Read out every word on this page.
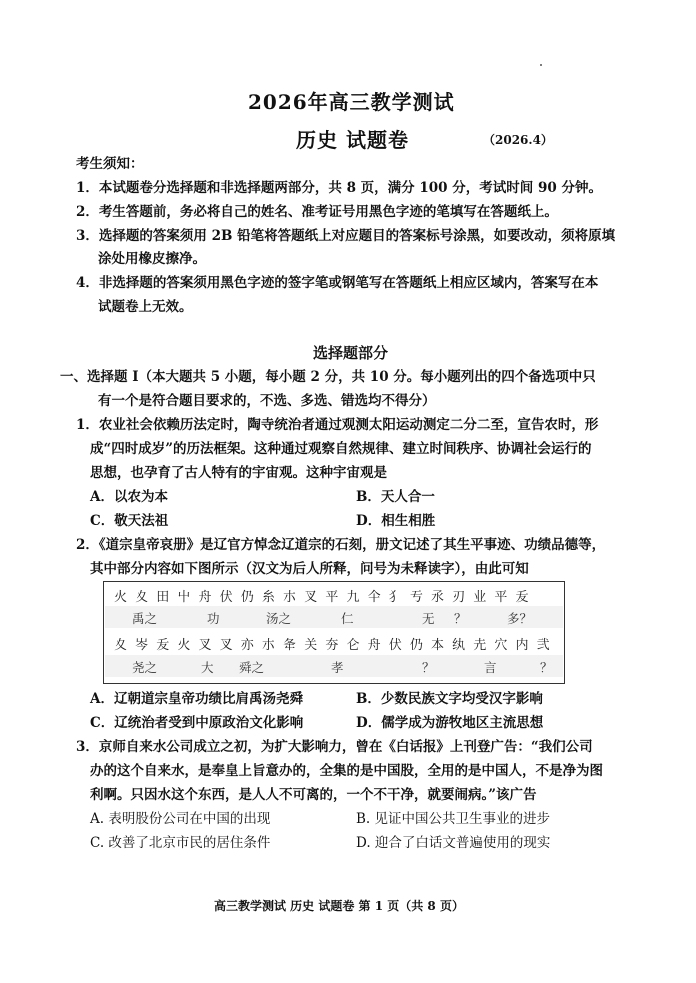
2026年高三教学测试
历史 试题卷	（2026.4）
考生须知：
1．本试题卷分选择题和非选择题两部分，共 8 页，满分 100 分，考试时间 90 分钟。
2．考生答题前，务必将自己的姓名、准考证号用黑色字迹的笔填写在答题纸上。
3．选择题的答案须用 2B 铅笔将答题纸上对应题目的答案标号涂黑，如要改动，须将原填
涂处用橡皮擦净。
4．非选择题的答案须用黑色字迹的签字笔或钢笔写在答题纸上相应区域内，答案写在本
试题卷上无效。
选择题部分
一、选择题 Ⅰ（本大题共 5 小题，每小题 2 分，共 10 分。每小题列出的四个备选项中只
有一个是符合题目要求的，不选、多选、错选均不得分）
1．农业社会依赖历法定时，陶寺统治者通过观测太阳运动测定二分二至，宣告农时，形
成“四时成岁”的历法框架。这种通过观察自然规律、建立时间秩序、协调社会运行的
思想，也孕育了古人特有的宇宙观。这种宇宙观是
A．以农为本	B．天人合一
C．敬天法祖	D．相生相胜
2．《道宗皇帝哀册》是辽官方悼念辽道宗的石刻，册文记述了其生平事迹、功绩品德等，
其中部分内容如下图所示（汉文为后人所释，问号为未释读字），由此可知
火 夊 田 屮 舟 伏 仍 糸 朩 叉 平 九 仐 犭 亐 氶 刃 业 平 叐
禹之	功	汤之	仁	无 ？	多？
夊 岑 叐 火 叉 叉 亦 朩 夅 关 夯 仑 舟 伏 仍 本 纨 圥 穴 内 弐
尧之	大 舜之	孝	？	言	？
A．辽朝道宗皇帝功绩比肩禹汤尧舜	B．少数民族文字均受汉字影响
C．辽统治者受到中原政治文化影响	D．儒学成为游牧地区主流思想
3．京师自来水公司成立之初，为扩大影响力，曾在《白话报》上刊登广告：“我们公司
办的这个自来水，是奉皇上旨意办的，全集的是中国股，全用的是中国人，不是净为图
利啊。只因水这个东西，是人人不可离的，一个不干净，就要闹病。”该广告
A. 表明股份公司在中国的出现	B. 见证中国公共卫生事业的进步
C. 改善了北京市民的居住条件	D. 迎合了白话文普遍使用的现实
高三教学测试 历史 试题卷 第 1 页（共 8 页）
